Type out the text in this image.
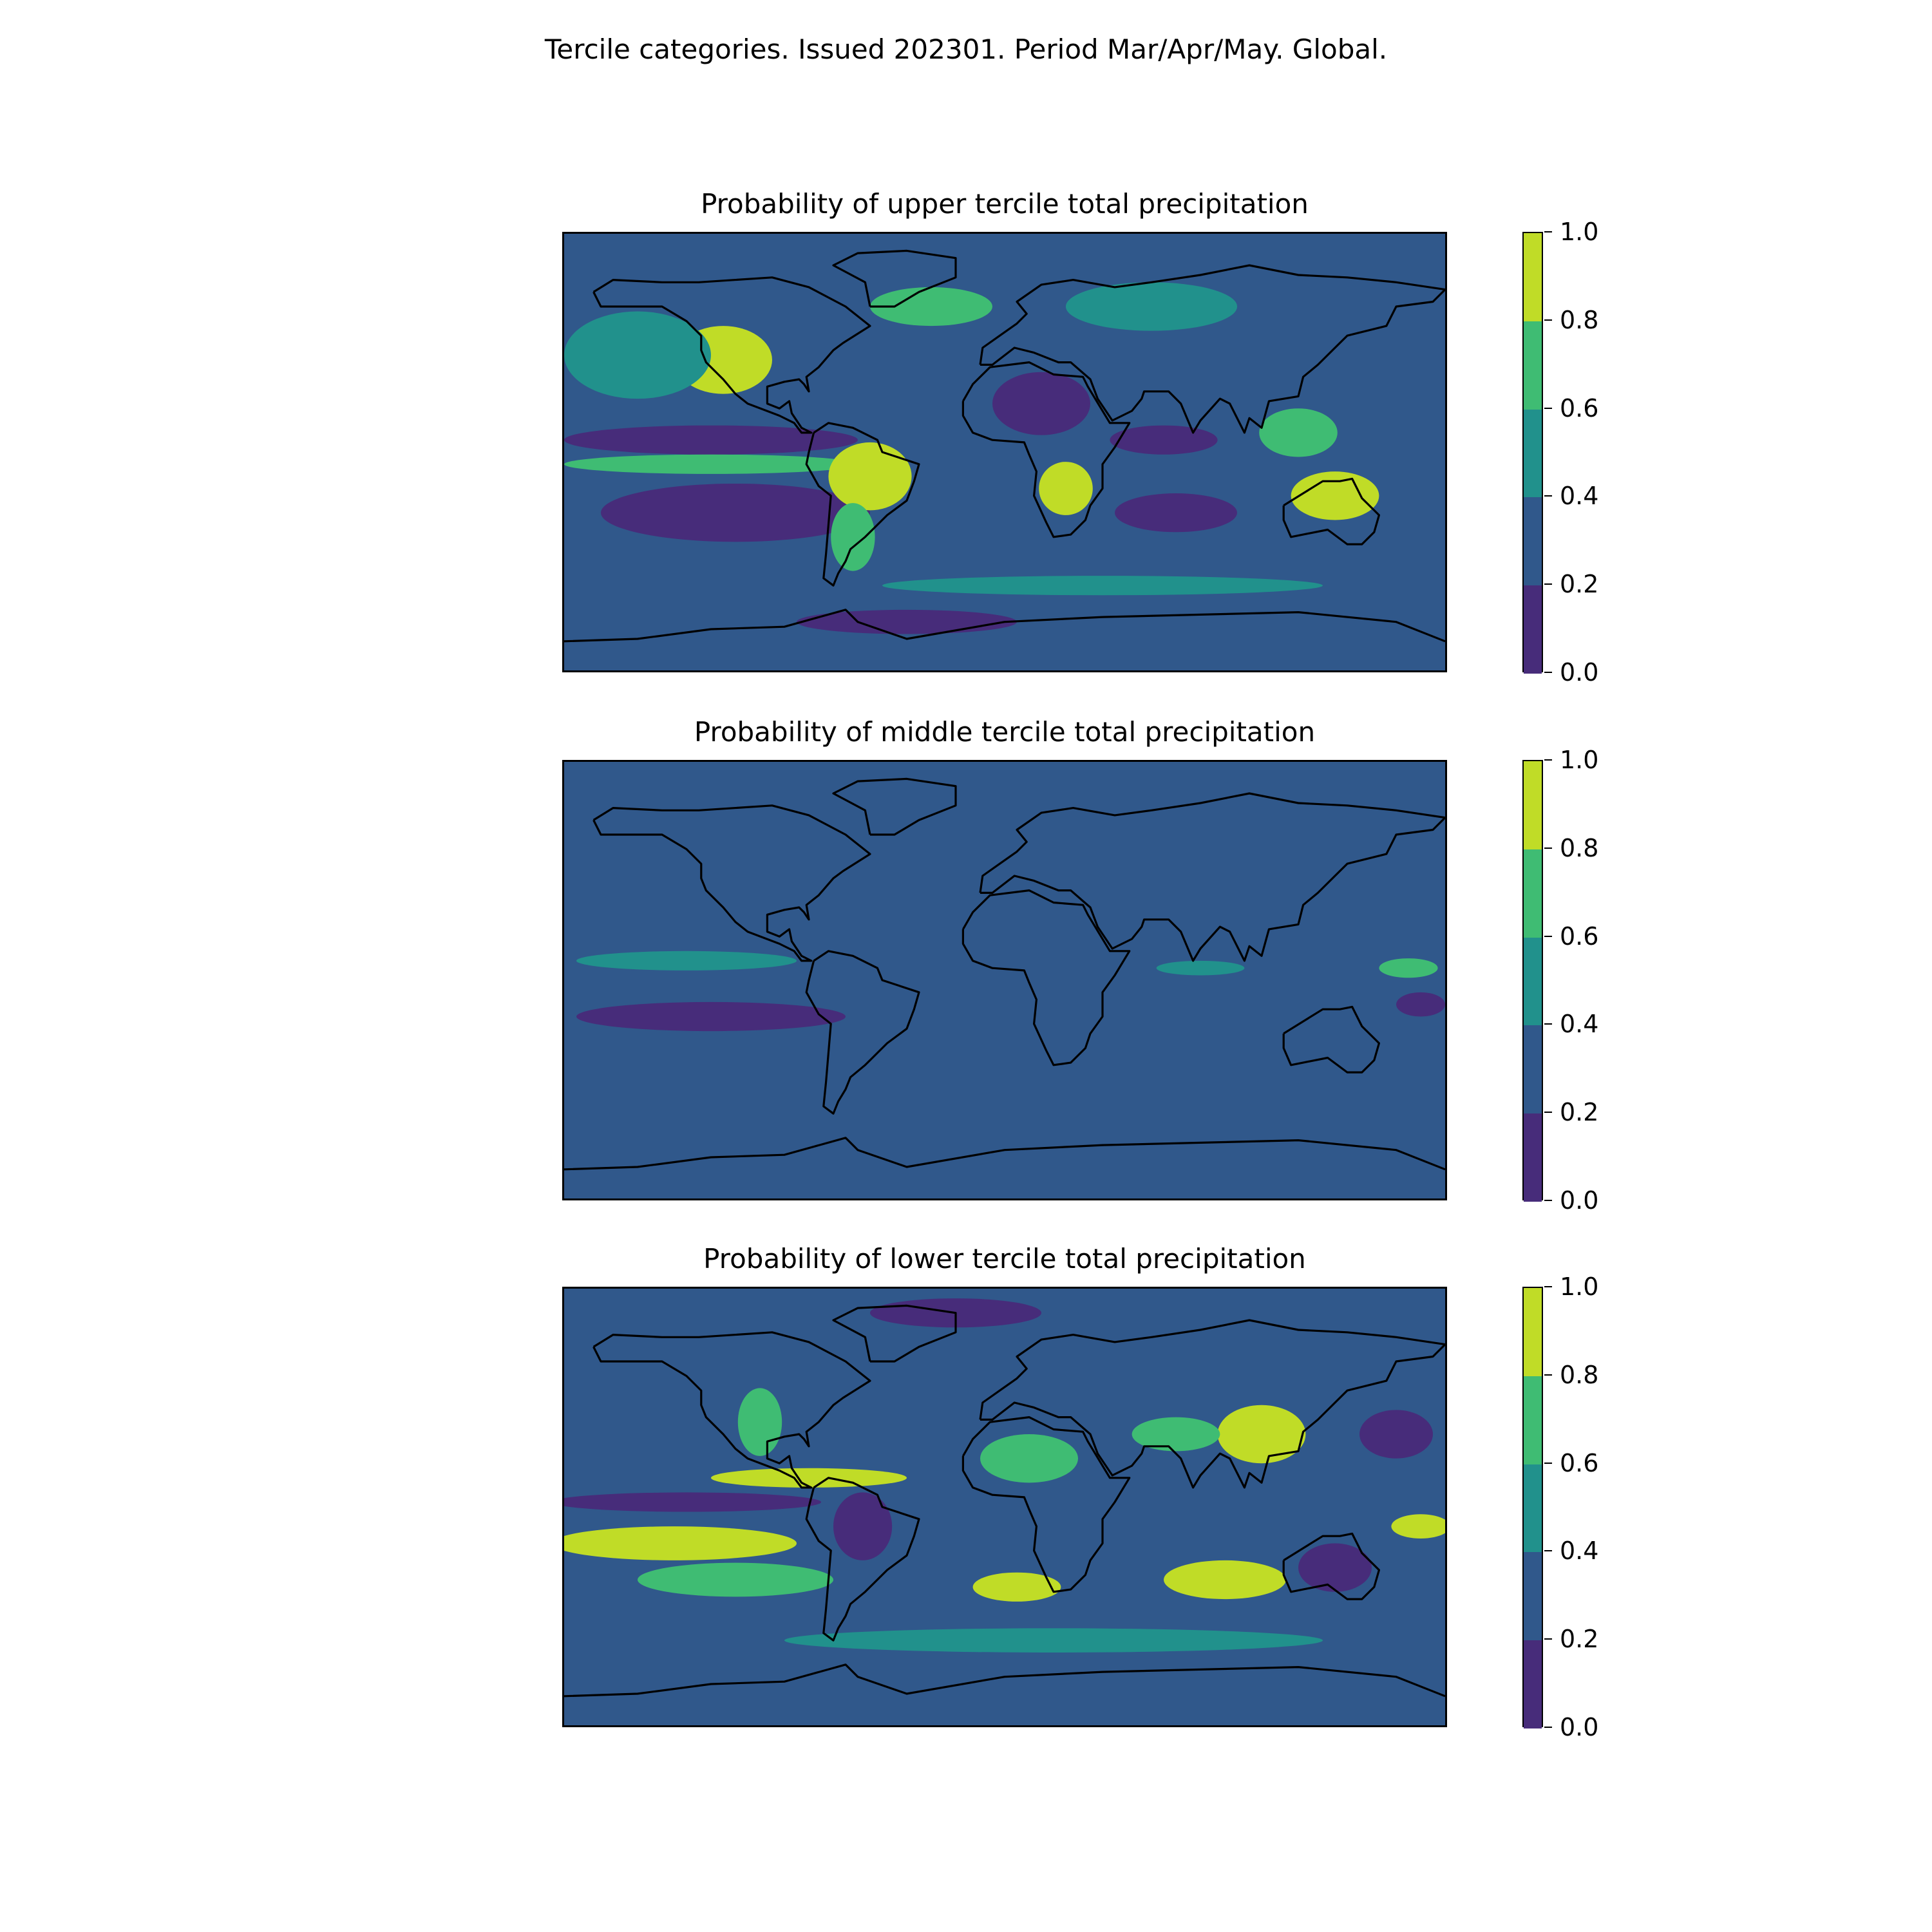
Tercile categories. Issued 202301. Period Mar/Apr/May. Global.
Probability of upper tercile total precipitation
0.0
0.2
0.4
0.6
0.8
1.0
Probability of middle tercile total precipitation
0.0
0.2
0.4
0.6
0.8
1.0
Probability of lower tercile total precipitation
0.0
0.2
0.4
0.6
0.8
1.0
